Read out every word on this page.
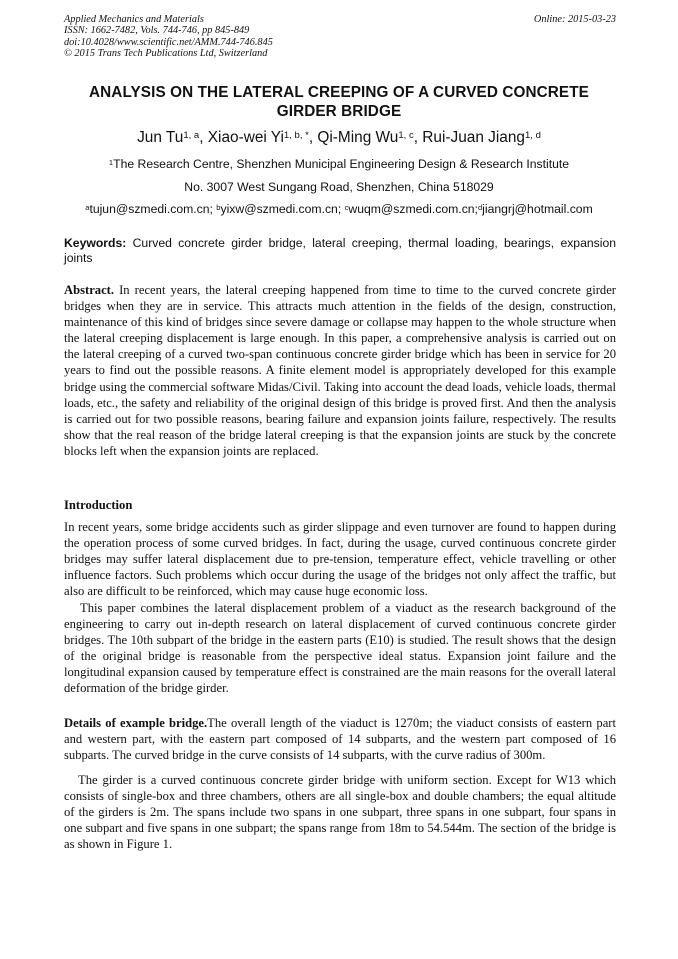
Applied Mechanics and Materials
ISSN: 1662-7482, Vols. 744-746, pp 845-849
doi:10.4028/www.scientific.net/AMM.744-746.845
© 2015 Trans Tech Publications Ltd, Switzerland
Online: 2015-03-23
ANALYSIS ON THE LATERAL CREEPING OF A CURVED CONCRETE
GIRDER BRIDGE
Jun Tu$^{1, a}$, Xiao-wei $Yi^{1, b, *}$, Qi-Ming Wu$^{1, c}$, Rui-Juan Jiang$^{1, d}$
$^1$The Research Centre, Shenzhen Municipal Engineering Design & Research Institute
No. 3007 West Sungang Road, Shenzhen, China 518029
$^a$tujun@szmedi.com.cn; $^b$yixw@szmedi.com.cn; $^c$wuqm@szmedi.com.cn;$^d$jiangrj@hotmail.com
Keywords: Curved concrete girder bridge, lateral creeping, thermal loading, bearings, expansion joints
Abstract. In recent years, the lateral creeping happened from time to time to the curved concrete girder bridges when they are in service. This attracts much attention in the fields of the design, construction, maintenance of this kind of bridges since severe damage or collapse may happen to the whole structure when the lateral creeping displacement is large enough. In this paper, a comprehensive analysis is carried out on the lateral creeping of a curved two-span continuous concrete girder bridge which has been in service for 20 years to find out the possible reasons. A finite element model is appropriately developed for this example bridge using the commercial software Midas/Civil. Taking into account the dead loads, vehicle loads, thermal loads, etc., the safety and reliability of the original design of this bridge is proved first. And then the analysis is carried out for two possible reasons, bearing failure and expansion joints failure, respectively. The results show that the real reason of the bridge lateral creeping is that the expansion joints are stuck by the concrete blocks left when the expansion joints are replaced.
Introduction
In recent years, some bridge accidents such as girder slippage and even turnover are found to happen during the operation process of some curved bridges. In fact, during the usage, curved continuous concrete girder bridges may suffer lateral displacement due to pre-tension, temperature effect, vehicle travelling or other influence factors. Such problems which occur during the usage of the bridges not only affect the traffic, but also are difficult to be reinforced, which may cause huge economic loss.
This paper combines the lateral displacement problem of a viaduct as the research background of the engineering to carry out in-depth research on lateral displacement of curved continuous concrete girder bridges. The 10th subpart of the bridge in the eastern parts (E10) is studied. The result shows that the design of the original bridge is reasonable from the perspective ideal status. Expansion joint failure and the longitudinal expansion caused by temperature effect is constrained are the main reasons for the overall lateral deformation of the bridge girder.
Details of example bridge.The overall length of the viaduct is 1270m; the viaduct consists of eastern part and western part, with the eastern part composed of 14 subparts, and the western part composed of 16 subparts. The curved bridge in the curve consists of 14 subparts, with the curve radius of 300m.
The girder is a curved continuous concrete girder bridge with uniform section. Except for W13 which consists of single-box and three chambers, others are all single-box and double chambers; the equal altitude of the girders is 2m. The spans include two spans in one subpart, three spans in one subpart, four spans in one subpart and five spans in one subpart; the spans range from 18m to 54.544m. The section of the bridge is as shown in Figure 1.
